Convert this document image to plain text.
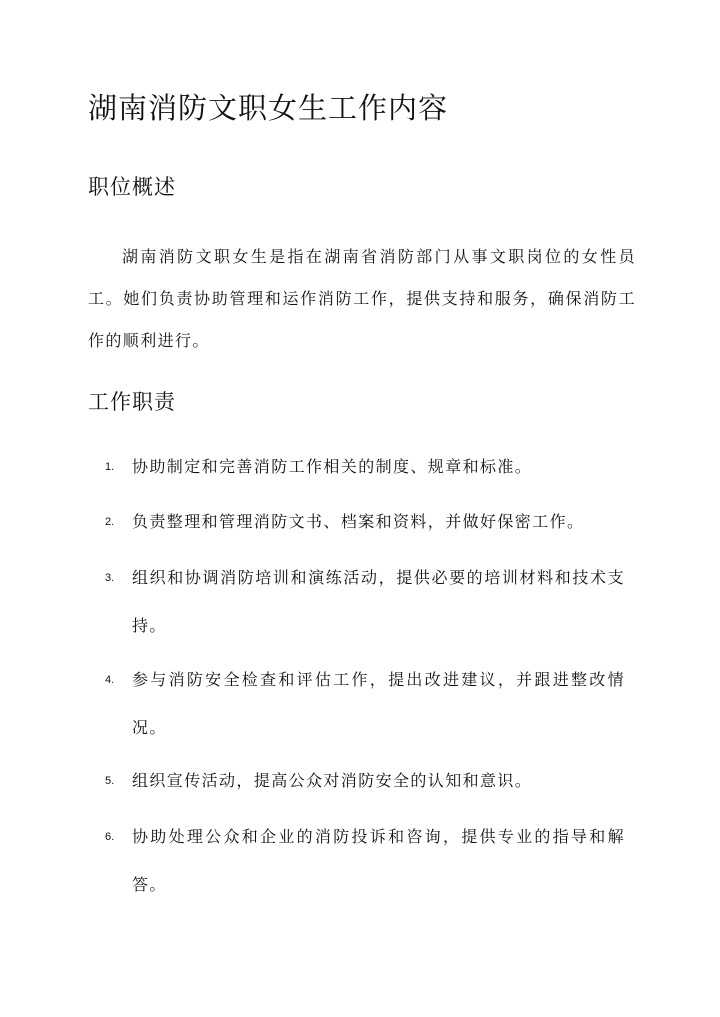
湖南消防文职女生工作内容
职位概述

湖南消防文职女生是指在湖南省消防部门从事文职岗位的女性员工。她们负责协助管理和运作消防工作，提供支持和服务，确保消防工作的顺利进行。

工作职责
1. 协助制定和完善消防工作相关的制度、规章和标准。
2. 负责整理和管理消防文书、档案和资料，并做好保密工作。
3. 组织和协调消防培训和演练活动，提供必要的培训材料和技术支持。
4. 参与消防安全检查和评估工作，提出改进建议，并跟进整改情况。
5. 组织宣传活动，提高公众对消防安全的认知和意识。
6. 协助处理公众和企业的消防投诉和咨询，提供专业的指导和解答。
